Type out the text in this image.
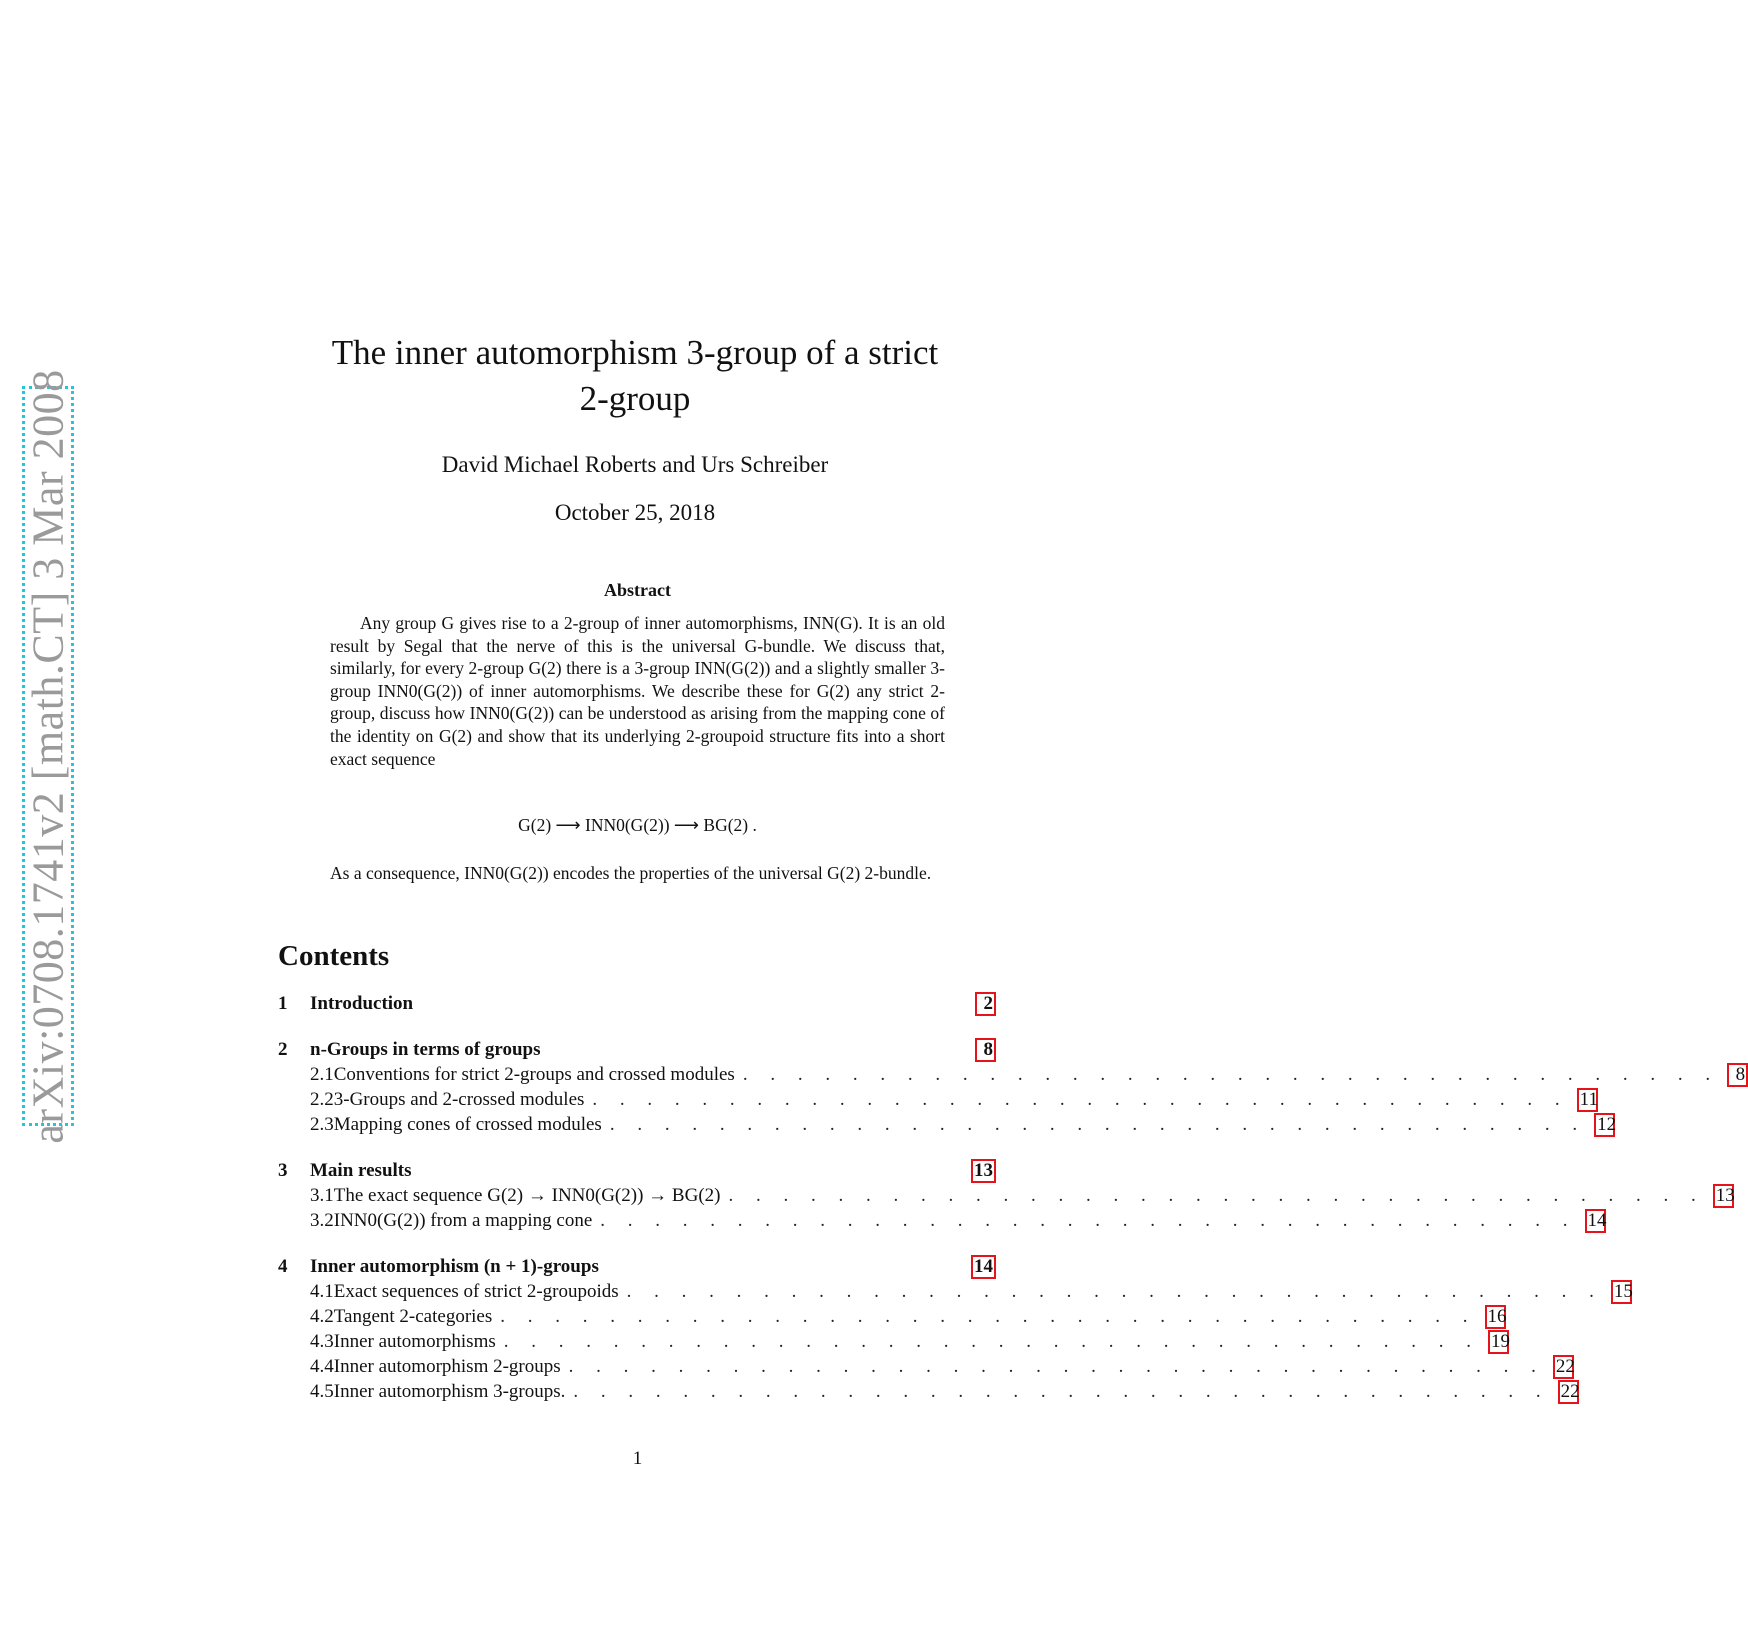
arXiv:0708.1741v2 [math.CT] 3 Mar 2008
The inner automorphism 3-group of a strict
2-group
David Michael Roberts and Urs Schreiber
October 25, 2018
Abstract

Any group G gives rise to a 2-group of inner automorphisms, INN(G). It is an old result by Segal that the nerve of this is the universal G-bundle. We discuss that, similarly, for every 2-group G(2) there is a 3-group INN(G(2)) and a slightly smaller 3-group INN0(G(2)) of inner automorphisms. We describe these for G(2) any strict 2-group, discuss how INN0(G(2)) can be understood as arising from the mapping cone of the identity on G(2) and show that its underlying 2-groupoid structure fits into a short exact sequence

G(2) ⟶ INN0(G(2)) ⟶ BG(2) .

As a consequence, INN0(G(2)) encodes the properties of the universal G(2) 2-bundle.

Contents
1	Introduction	2
2	n-Groups in terms of groups	8
2.1 Conventions for strict 2-groups and crossed modules . . . . . . . . . . . . . . . . . . . . . . . . . . . . . . . . . . . . 8
2.2 3-Groups and 2-crossed modules . . . . . . . . . . . . . . . . . . . . . . . . . . . . . . . . . . . . 11
2.3 Mapping cones of crossed modules . . . . . . . . . . . . . . . . . . . . . . . . . . . . . . . . . . . . 12
3	Main results	13
3.1 The exact sequence G(2) → INN0(G(2)) → BG(2) . . . . . . . . . . . . . . . . . . . . . . . . . . . . . . . . . . . . 13
3.2 INN0(G(2)) from a mapping cone . . . . . . . . . . . . . . . . . . . . . . . . . . . . . . . . . . . . 14
4	Inner automorphism (n + 1)-groups	14
4.1 Exact sequences of strict 2-groupoids . . . . . . . . . . . . . . . . . . . . . . . . . . . . . . . . . . . . 15
4.2 Tangent 2-categories . . . . . . . . . . . . . . . . . . . . . . . . . . . . . . . . . . . . 16
4.3 Inner automorphisms . . . . . . . . . . . . . . . . . . . . . . . . . . . . . . . . . . . . 19
4.4 Inner automorphism 2-groups . . . . . . . . . . . . . . . . . . . . . . . . . . . . . . . . . . . . 22
4.5 Inner automorphism 3-groups. . . . . . . . . . . . . . . . . . . . . . . . . . . . . . . . . . . . . 22
1
